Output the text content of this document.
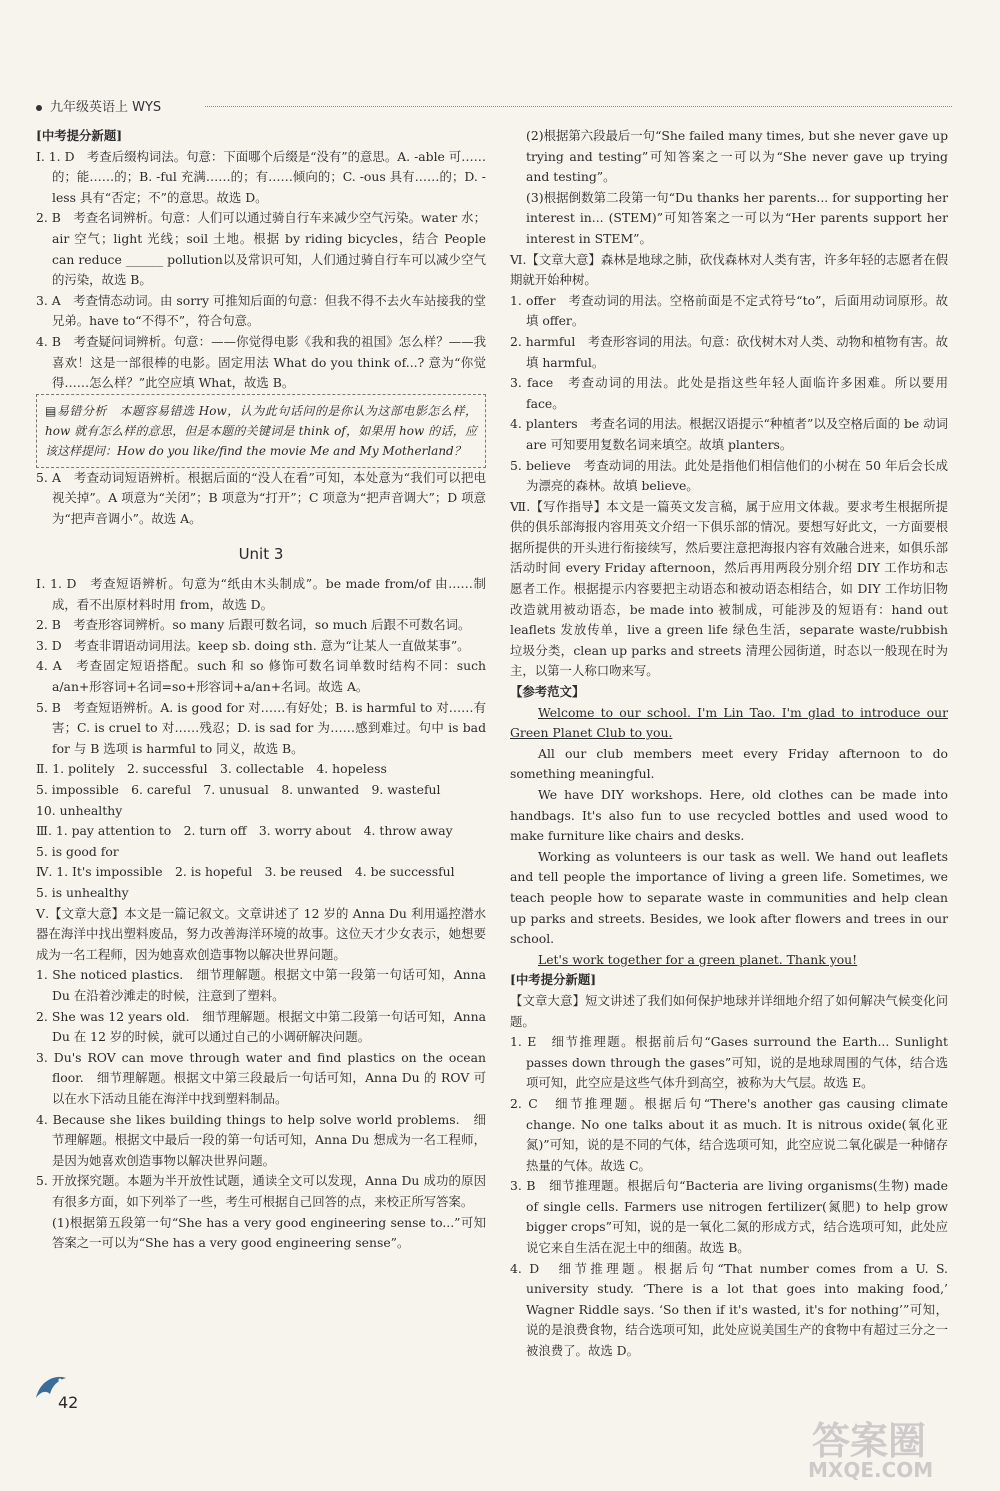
九年级英语上 WYS

[中考提分新题]

Ⅰ. 1. D　考查后缀构词法。句意：下面哪个后缀是“没有”的意思。A. -able 可……的；能……的；B. -ful 充满……的；有……倾向的；C. -ous 具有……的；D. -less 具有“否定；不”的意思。故选 D。

2. B　考查名词辨析。句意：人们可以通过骑自行车来减少空气污染。water 水；air 空气；light 光线；soil 土地。根据 by riding bicycles，结合 People can reduce ______ pollution以及常识可知，人们通过骑自行车可以减少空气的污染，故选 B。

3. A　考查情态动词。由 sorry 可推知后面的句意：但我不得不去火车站接我的堂兄弟。have to“不得不”，符合句意。

4. B　考查疑问词辨析。句意：——你觉得电影《我和我的祖国》怎么样？——我喜欢！这是一部很棒的电影。固定用法 What do you think of...? 意为“你觉得……怎么样？”此空应填 What，故选 B。

▤易错分析　本题容易错选 How，认为此句话问的是你认为这部电影怎么样，how 就有怎么样的意思，但是本题的关键词是 think of，如果用 how 的话，应该这样提问：How do you like/find the movie Me and My Motherland？

5. A　考查动词短语辨析。根据后面的“没人在看”可知，本处意为“我们可以把电视关掉”。A 项意为“关闭”；B 项意为“打开”；C 项意为“把声音调大”；D 项意为“把声音调小”。故选 A。

Unit 3

Ⅰ. 1. D　考查短语辨析。句意为“纸由木头制成”。be made from/of 由……制成，看不出原材料时用 from，故选 D。

2. B　考查形容词辨析。so many 后跟可数名词，so much 后跟不可数名词。

3. D　考查非谓语动词用法。keep sb. doing sth. 意为“让某人一直做某事”。

4. A　考查固定短语搭配。such 和 so 修饰可数名词单数时结构不同：such a/an+形容词+名词=so+形容词+a/an+名词。故选 A。

5. B　考查短语辨析。A. is good for 对……有好处；B. is harmful to 对……有害；C. is cruel to 对……残忍；D. is sad for 为……感到难过。句中 is bad for 与 B 选项 is harmful to 同义，故选 B。

Ⅱ. 1. politely　2. successful　3. collectable　4. hopeless

5. impossible　6. careful　7. unusual　8. unwanted　9. wasteful

10. unhealthy

Ⅲ. 1. pay attention to　2. turn off　3. worry about　4. throw away

5. is good for

Ⅳ. 1. It's impossible　2. is hopeful　3. be reused　4. be successful

5. is unhealthy

Ⅴ.【文章大意】本文是一篇记叙文。文章讲述了 12 岁的 Anna Du 利用遥控潜水器在海洋中找出塑料废品，努力改善海洋环境的故事。这位天才少女表示，她想要成为一名工程师，因为她喜欢创造事物以解决世界问题。

1. She noticed plastics.　细节理解题。根据文中第一段第一句话可知，Anna Du 在沿着沙滩走的时候，注意到了塑料。

2. She was 12 years old.　细节理解题。根据文中第二段第一句话可知，Anna Du 在 12 岁的时候，就可以通过自己的小调研解决问题。

3. Du's ROV can move through water and find plastics on the ocean floor.　细节理解题。根据文中第三段最后一句话可知，Anna Du 的 ROV 可以在水下活动且能在海洋中找到塑料制品。

4. Because she likes building things to help solve world problems.　细节理解题。根据文中最后一段的第一句话可知，Anna Du 想成为一名工程师，是因为她喜欢创造事物以解决世界问题。

5. 开放探究题。本题为半开放性试题，通读全文可以发现，Anna Du 成功的原因有很多方面，如下列举了一些，考生可根据自己回答的点，来校正所写答案。

(1)根据第五段第一句“She has a very good engineering sense to...”可知答案之一可以为“She has a very good engineering sense”。

(2)根据第六段最后一句“She failed many times, but she never gave up trying and testing”可知答案之一可以为“She never gave up trying and testing”。

(3)根据倒数第二段第一句“Du thanks her parents... for supporting her interest in... (STEM)”可知答案之一可以为“Her parents support her interest in STEM”。

Ⅵ.【文章大意】森林是地球之肺，砍伐森林对人类有害，许多年轻的志愿者在假期就开始种树。

1. offer　考查动词的用法。空格前面是不定式符号“to”，后面用动词原形。故填 offer。

2. harmful　考查形容词的用法。句意：砍伐树木对人类、动物和植物有害。故填 harmful。

3. face　考查动词的用法。此处是指这些年轻人面临许多困难。所以要用 face。

4. planters　考查名词的用法。根据汉语提示“种植者”以及空格后面的 be 动词 are 可知要用复数名词来填空。故填 planters。

5. believe　考查动词的用法。此处是指他们相信他们的小树在 50 年后会长成为漂亮的森林。故填 believe。

Ⅶ.【写作指导】本文是一篇英文发言稿，属于应用文体裁。要求考生根据所提供的俱乐部海报内容用英文介绍一下俱乐部的情况。要想写好此文，一方面要根据所提供的开头进行衔接续写，然后要注意把海报内容有效融合进来，如俱乐部活动时间 every Friday afternoon，然后再用两段分别介绍 DIY 工作坊和志愿者工作。根据提示内容要把主动语态和被动语态相结合，如 DIY 工作坊旧物改造就用被动语态，be made into 被制成，可能涉及的短语有：hand out leaflets 发放传单，live a green life 绿色生活，separate waste/rubbish 垃圾分类，clean up parks and streets 清理公园街道，时态以一般现在时为主，以第一人称口吻来写。

【参考范文】

Welcome to our school. I'm Lin Tao. I'm glad to introduce our Green Planet Club to you.

All our club members meet every Friday afternoon to do something meaningful.

We have DIY workshops. Here, old clothes can be made into handbags. It's also fun to use recycled bottles and used wood to make furniture like chairs and desks.

Working as volunteers is our task as well. We hand out leaflets and tell people the importance of living a green life. Sometimes, we teach people how to separate waste in communities and help clean up parks and streets. Besides, we look after flowers and trees in our school.

Let's work together for a green planet. Thank you!

[中考提分新题]

【文章大意】短文讲述了我们如何保护地球并详细地介绍了如何解决气候变化问题。

1. E　细节推理题。根据前后句“Gases surround the Earth... Sunlight passes down through the gases”可知，说的是地球周围的气体，结合选项可知，此空应是这些气体升到高空，被称为大气层。故选 E。

2. C　细节推理题。根据后句“There's another gas causing climate change. No one talks about it as much. It is nitrous oxide(氧化亚氮)”可知，说的是不同的气体，结合选项可知，此空应说二氧化碳是一种储存热量的气体。故选 C。

3. B　细节推理题。根据后句“Bacteria are living organisms(生物) made of single cells. Farmers use nitrogen fertilizer(氮肥) to help grow bigger crops”可知，说的是一氧化二氮的形成方式，结合选项可知，此处应说它来自生活在泥土中的细菌。故选 B。

4. D　细节推理题。根据后句“That number comes from a U. S. university study. ‘There is a lot that goes into making food,’ Wagner Riddle says. ‘So then if it's wasted, it's for nothing’”可知，说的是浪费食物，结合选项可知，此处应说美国生产的食物中有超过三分之一被浪费了。故选 D。

42
答案圈
MXQE.COM
